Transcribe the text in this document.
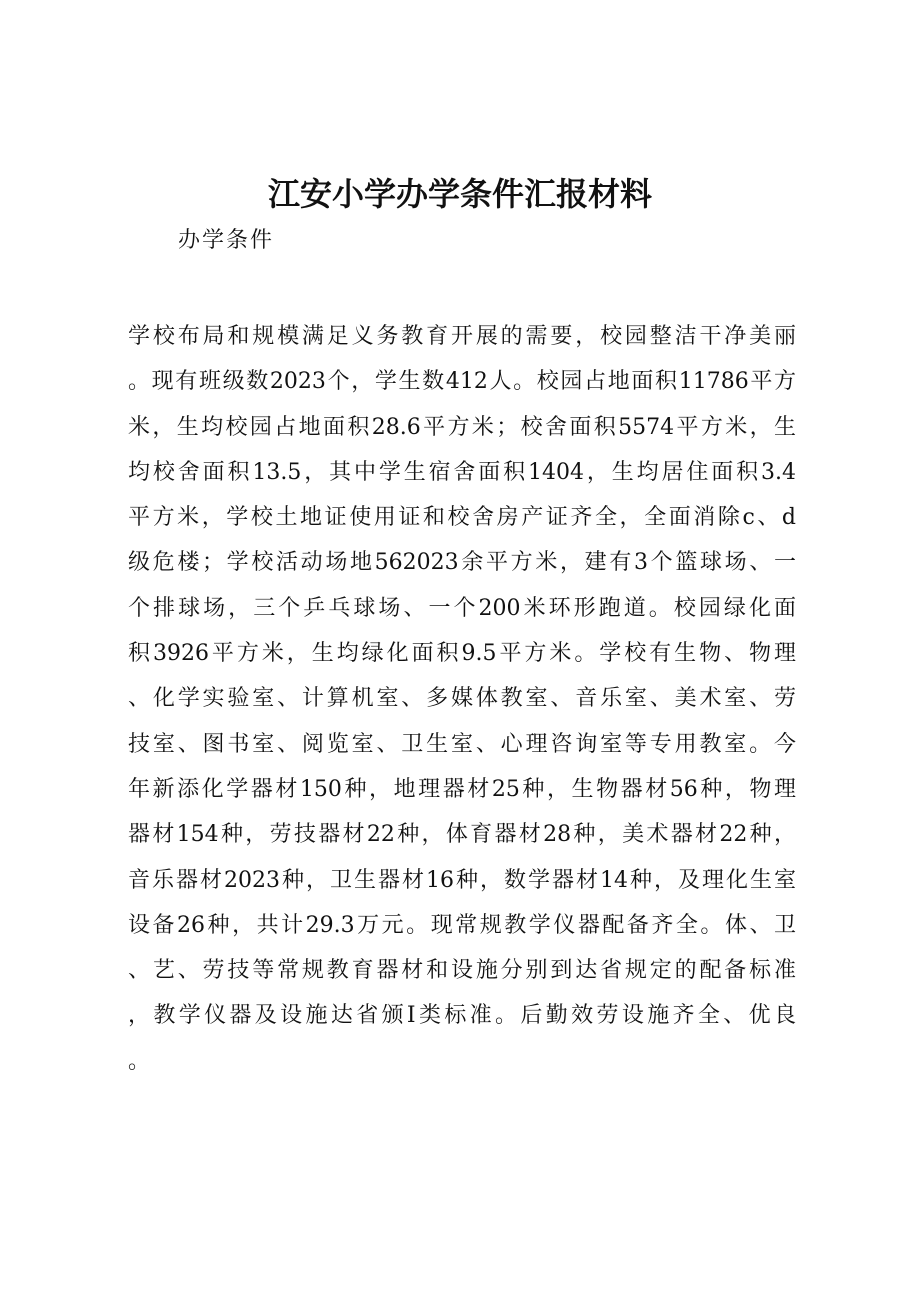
江安小学办学条件汇报材料
办学条件
学校布局和规模满足义务教育开展的需要，校园整洁干净美丽
。现有班级数2023个，学生数412人。校园占地面积11786平方
米，生均校园占地面积28.6平方米；校舍面积5574平方米，生
均校舍面积13.5，其中学生宿舍面积1404，生均居住面积3.4
平方米，学校土地证使用证和校舍房产证齐全，全面消除c、d
级危楼；学校活动场地562023余平方米，建有3个篮球场、一
个排球场，三个乒乓球场、一个200米环形跑道。校园绿化面
积3926平方米，生均绿化面积9.5平方米。学校有生物、物理
、化学实验室、计算机室、多媒体教室、音乐室、美术室、劳
技室、图书室、阅览室、卫生室、心理咨询室等专用教室。今
年新添化学器材150种，地理器材25种，生物器材56种，物理
器材154种，劳技器材22种，体育器材28种，美术器材22种，
音乐器材2023种，卫生器材16种，数学器材14种，及理化生室
设备26种，共计29.3万元。现常规教学仪器配备齐全。体、卫
、艺、劳技等常规教育器材和设施分别到达省规定的配备标准
，教学仪器及设施达省颁Ⅰ类标准。后勤效劳设施齐全、优良
。
